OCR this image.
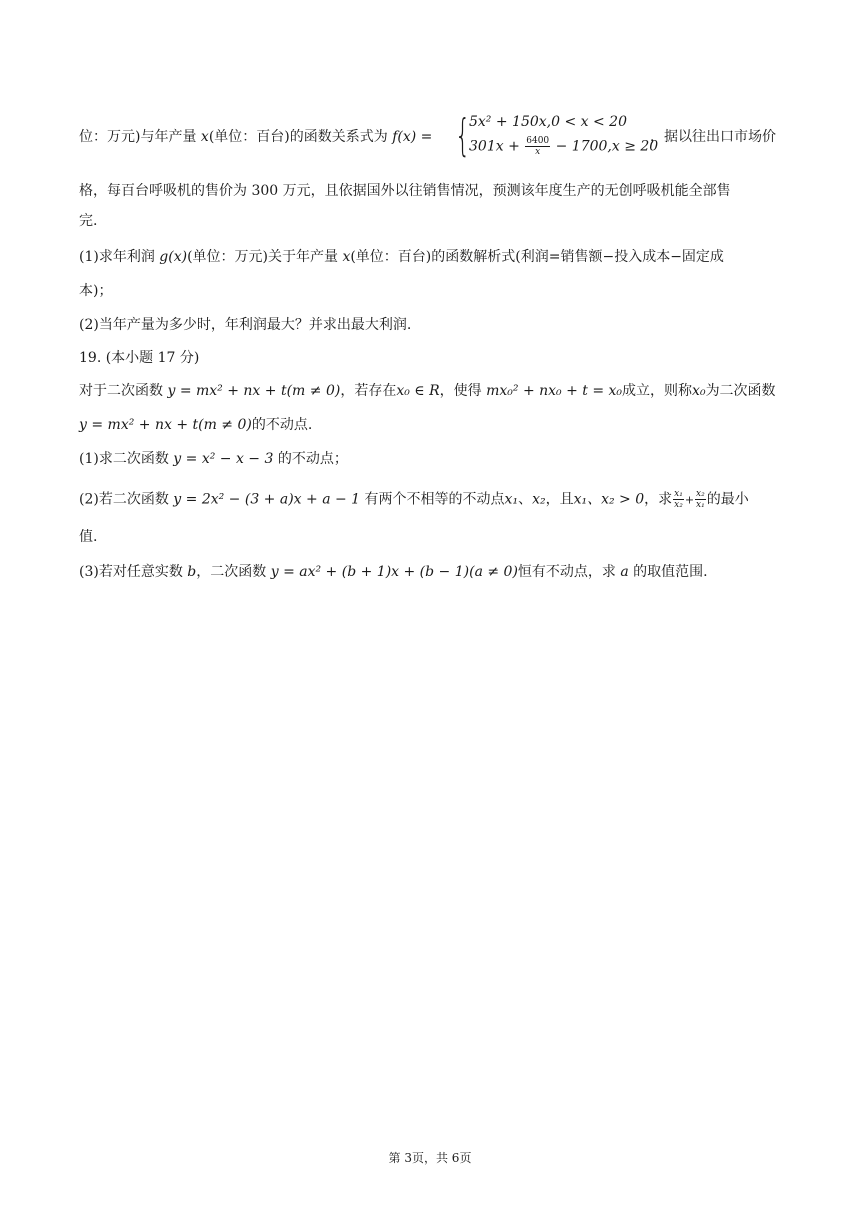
位：万元)与年产量 x(单位：百台)的函数关系式为 f(x) = {
5x² + 150x,0 < x < 20
$301x + \frac{6400}{x} - 1700,x \ge 20$
，据以往出口市场价
格，每百台呼吸机的售价为 300 万元，且依据国外以往销售情况，预测该年度生产的无创呼吸机能全部售
完.
(1)求年利润 g(x)(单位：万元)关于年产量 x(单位：百台)的函数解析式(利润=销售额−投入成本−固定成
本)；
(2)当年产量为多少时，年利润最大？并求出最大利润.
19. (本小题 17 分)
对于二次函数 y = mx² + nx + t(m ≠ 0)，若存在x₀ ∈ R，使得 mx₀² + nx₀ + t = x₀成立，则称x₀为二次函数
y = mx² + nx + t(m ≠ 0)的不动点.
(1)求二次函数 y = x² − x − 3 的不动点；
(2)若二次函数 y = 2x² − (3 + a)x + a − 1 有两个不相等的不动点x₁、x₂，且x₁、x₂ > 0，求 $\frac{\text{x₁}}{\text{x₂}} + \frac{\text{x₂}}{\text{x₁}}$ 的最小
值.
(3)若对任意实数 b，二次函数 y = ax² + (b + 1)x + (b − 1)(a ≠ 0)恒有不动点，求 a 的取值范围.
第 3页，共 6页
